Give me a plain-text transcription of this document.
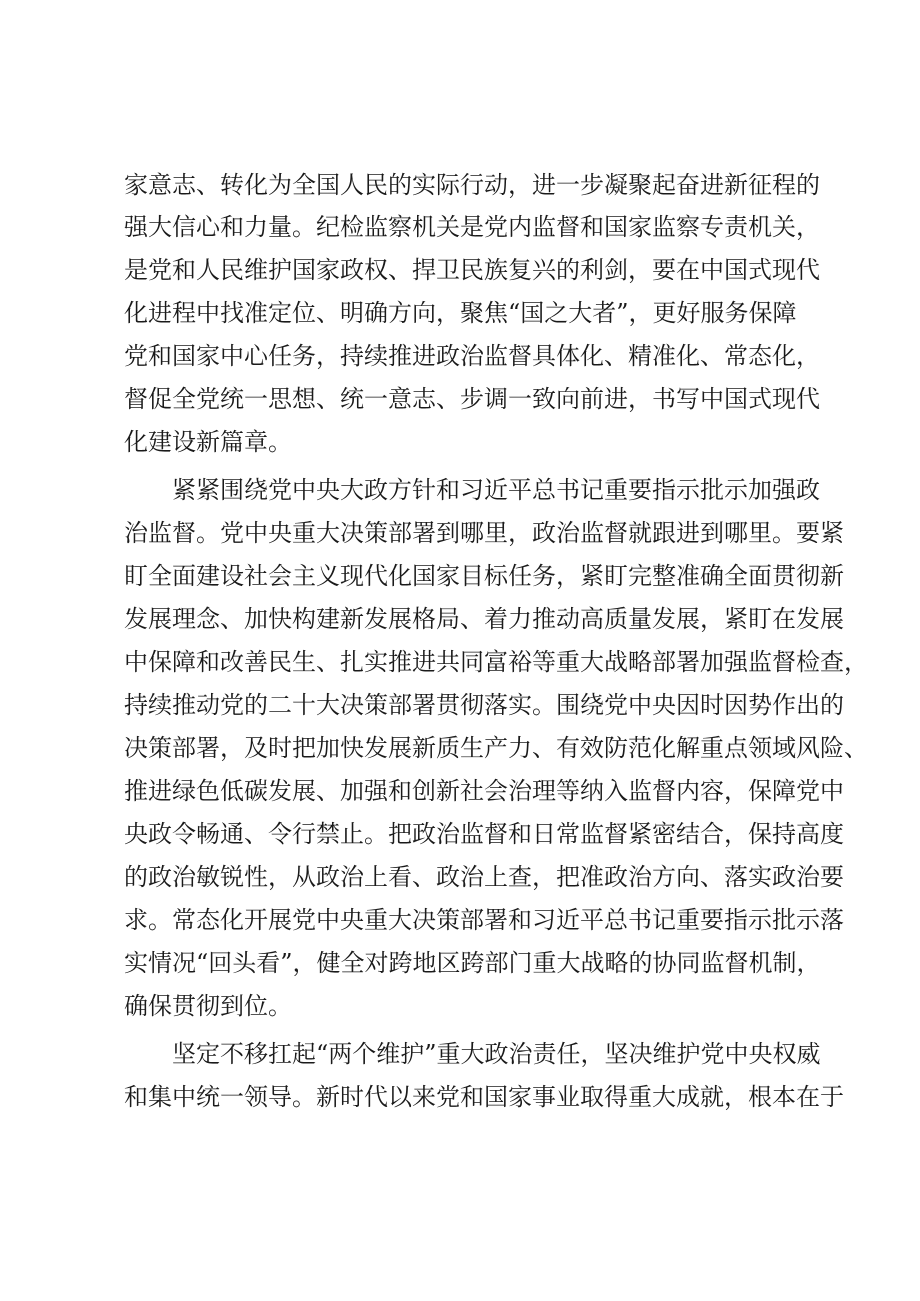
家意志、转化为全国人民的实际行动，进一步凝聚起奋进新征程的
强大信心和力量。纪检监察机关是党内监督和国家监察专责机关，
是党和人民维护国家政权、捍卫民族复兴的利剑，要在中国式现代
化进程中找准定位、明确方向，聚焦“国之大者”，更好服务保障
党和国家中心任务，持续推进政治监督具体化、精准化、常态化，
督促全党统一思想、统一意志、步调一致向前进，书写中国式现代
化建设新篇章。
紧紧围绕党中央大政方针和习近平总书记重要指示批示加强政
治监督。党中央重大决策部署到哪里，政治监督就跟进到哪里。要紧
盯全面建设社会主义现代化国家目标任务，紧盯完整准确全面贯彻新
发展理念、加快构建新发展格局、着力推动高质量发展，紧盯在发展
中保障和改善民生、扎实推进共同富裕等重大战略部署加强监督检查，
持续推动党的二十大决策部署贯彻落实。围绕党中央因时因势作出的
决策部署，及时把加快发展新质生产力、有效防范化解重点领域风险、
推进绿色低碳发展、加强和创新社会治理等纳入监督内容，保障党中
央政令畅通、令行禁止。把政治监督和日常监督紧密结合，保持高度
的政治敏锐性，从政治上看、政治上查，把准政治方向、落实政治要
求。常态化开展党中央重大决策部署和习近平总书记重要指示批示落
实情况“回头看”，健全对跨地区跨部门重大战略的协同监督机制，
确保贯彻到位。
坚定不移扛起“两个维护”重大政治责任，坚决维护党中央权威
和集中统一领导。新时代以来党和国家事业取得重大成就，根本在于
